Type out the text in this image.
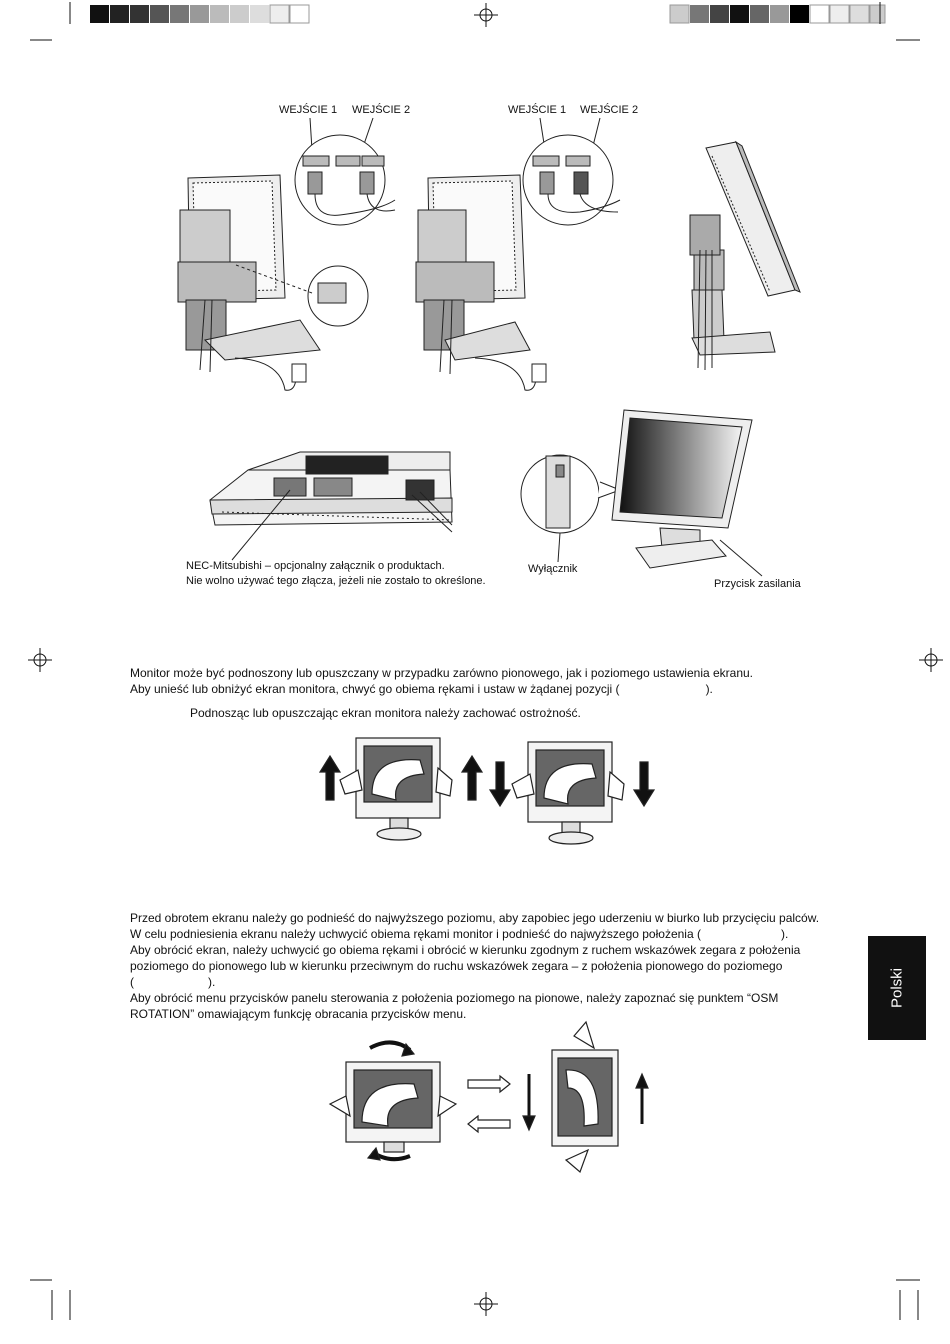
WEJŚCIE 1 WEJŚCIE 2	WEJŚCIE 1 WEJŚCIE 2
NEC-Mitsubishi – opcjonalny załącznik o produktach.
Nie wolno używać tego złącza, jeżeli nie zostało to określone.
Wyłącznik
Przycisk zasilania

Monitor może być podnoszony lub opuszczany w przypadku zarówno pionowego, jak i poziomego ustawienia ekranu.

Aby unieść lub obniżyć ekran monitora, chwyć go obiema rękami i ustaw w żądanej pozycji (	).

Podnosząc lub opuszczając ekran monitora należy zachować ostrożność.

Przed obrotem ekranu należy go podnieść do najwyższego poziomu, aby zapobiec jego uderzeniu w biurko lub przycięciu palców.

W celu podniesienia ekranu należy uchwycić obiema rękami monitor i podnieść do najwyższego położenia (	).

Aby obrócić ekran, należy uchwycić go obiema rękami i obrócić w kierunku zgodnym z ruchem wskazówek zegara z położenia

poziomego do pionowego lub w kierunku przeciwnym do ruchu wskazówek zegara – z położenia pionowego do poziomego

(	).

Aby obrócić menu przycisków panelu sterowania z położenia poziomego na pionowe, należy zapoznać się punktem “OSM

ROTATION” omawiającym funkcję obracania przycisków menu.

Polski
